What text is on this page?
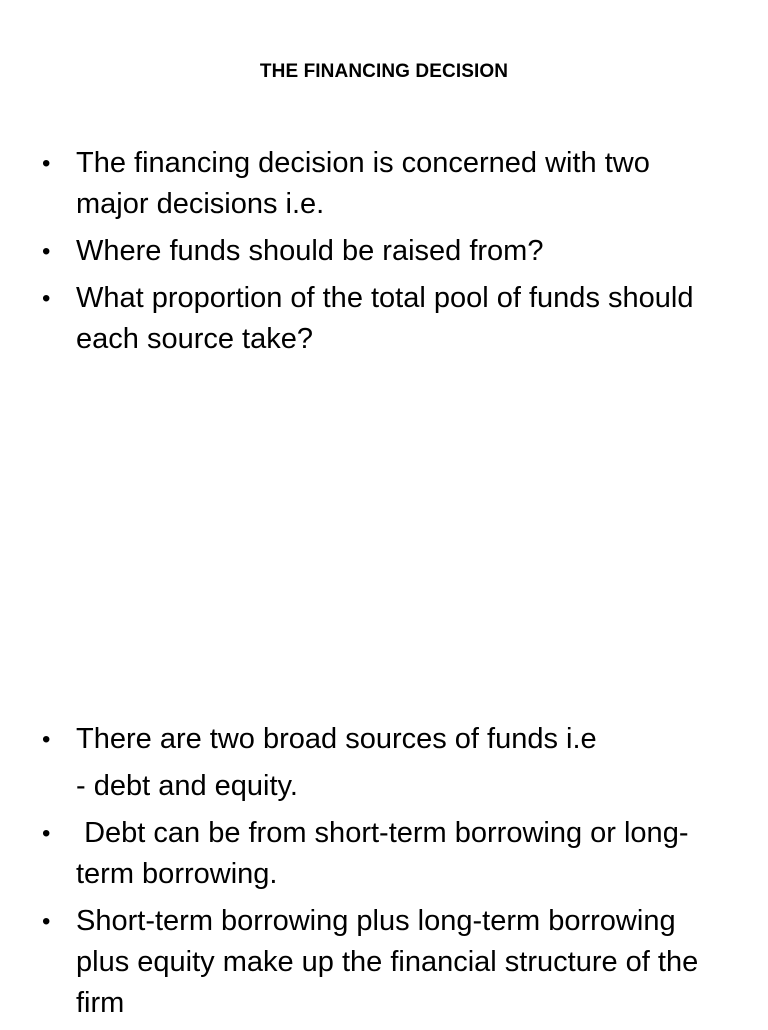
THE FINANCING DECISION
• The financing decision is concerned with two major decisions i.e.
• Where funds should be raised from?
• What proportion of the total pool of funds should each source take?
• There are two broad sources of funds i.e
- debt and equity.
• Debt can be from short-term borrowing or long-term borrowing.
• Short-term borrowing plus long-term borrowing plus equity make up the financial structure of the firm
